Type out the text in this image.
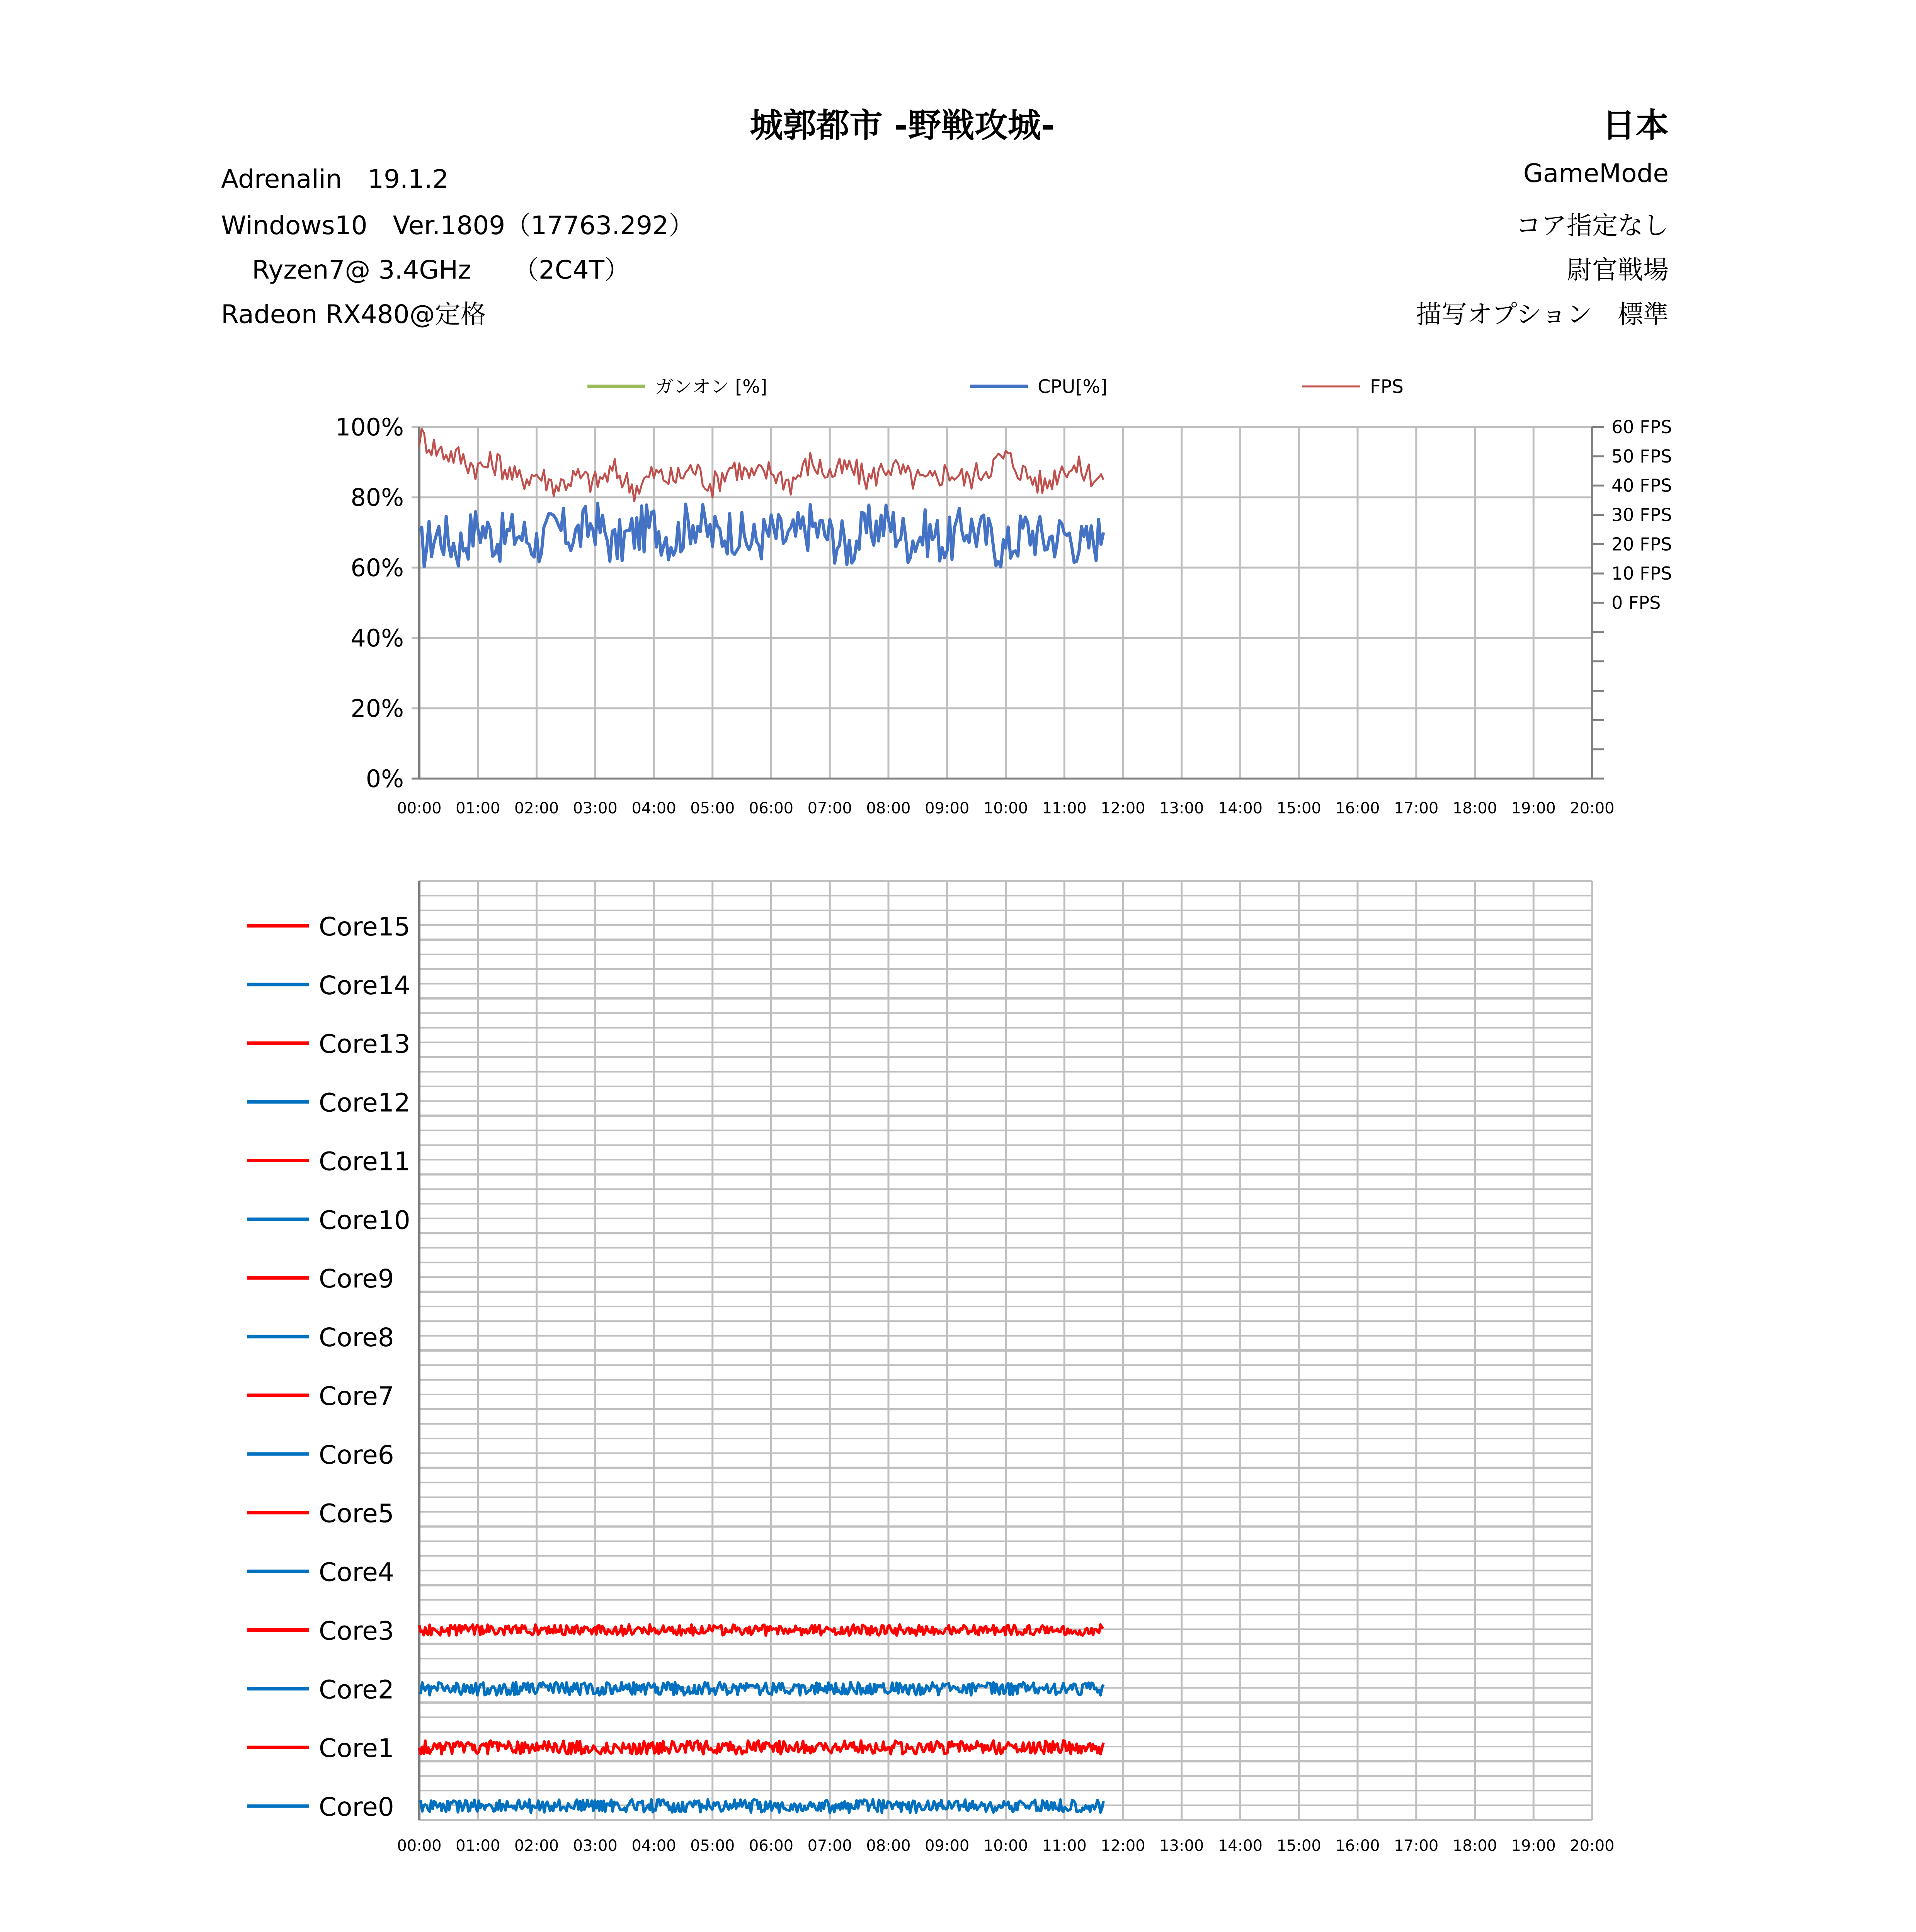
城郭都市 -野戦攻城-	日本
Adrenalin　19.1.2
Windows10　Ver.1809（17763.292）
Ryzen7@ 3.4GHz 　 （2C4T）
Radeon RX480@定格
GameMode
コア指定なし
尉官戦場
描写オプション　標準
ガンオン [%]	CPU[%]	FPS
00:00 01:00 02:00 03:00 04:00 05:00 06:00 07:00 08:00 09:00 10:00 11:00 12:00 13:00 14:00 15:00 16:00 17:00 18:00 19:00 20:00
0%
20%
40%
60%
80%
100%
0 FPS
10 FPS
20 FPS
30 FPS
40 FPS
50 FPS
60 FPS
00:00 01:00 02:00 03:00 04:00 05:00 06:00 07:00 08:00 09:00 10:00 11:00 12:00 13:00 14:00 15:00 16:00 17:00 18:00 19:00 20:00
Core15
Core14
Core13
Core12
Core11
Core10
Core9
Core8
Core7
Core6
Core5
Core4
Core3
Core2
Core1
Core0
